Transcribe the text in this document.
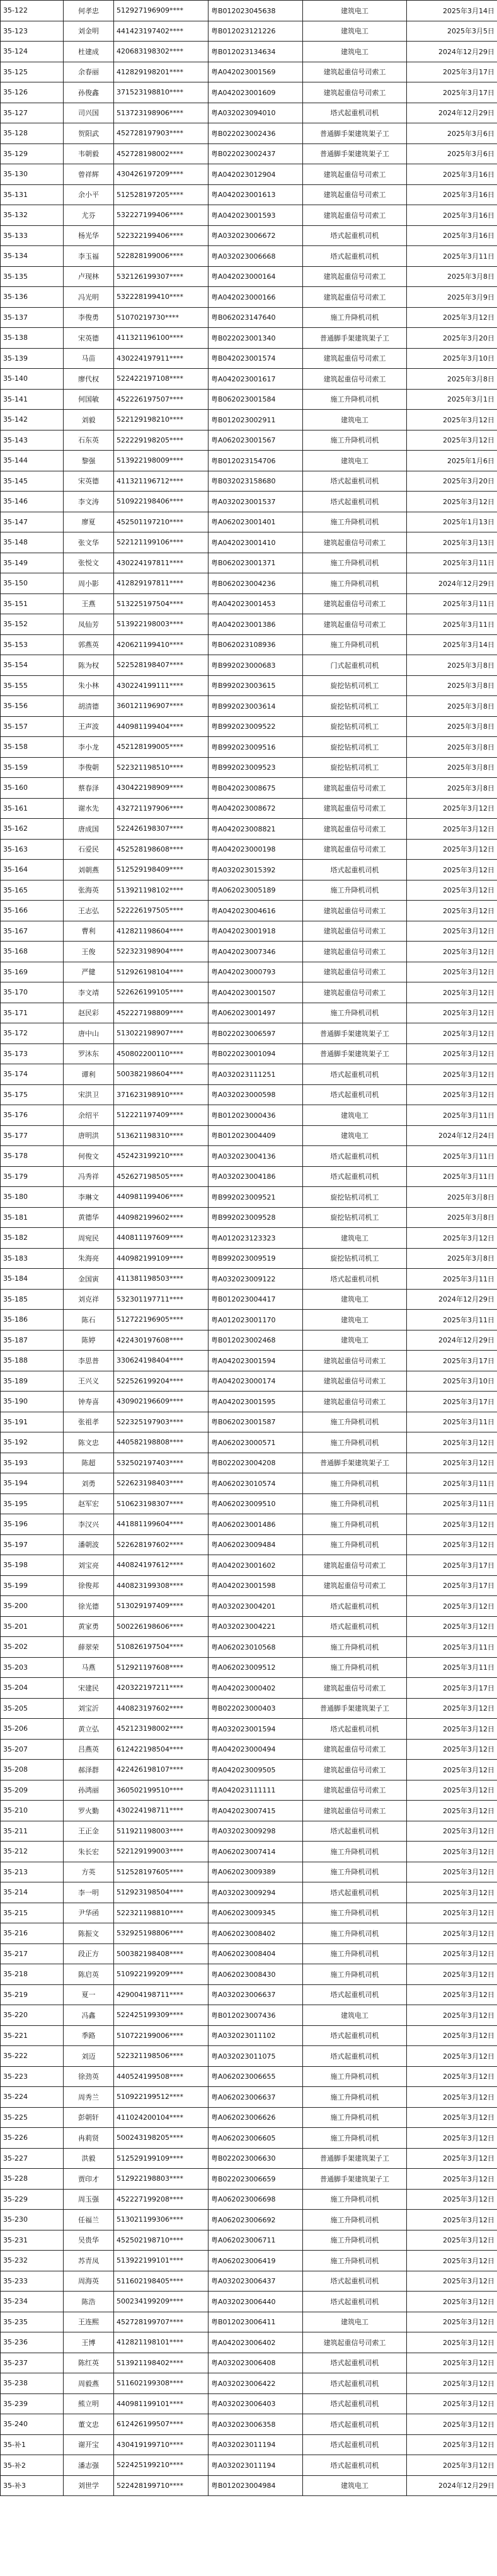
35-122	何孝忠	512927196909****	粤B012023045638	建筑电工	2025年3月14日
35-123	刘金明	441423197402****	粤B012023121226	建筑电工	2025年3月5日
35-124	杜建成	420683198302****	粤B012023134634	建筑电工	2024年12月29日
35-125	余春丽	412829198201****	粤A042023001569	建筑起重信号司索工	2025年3月17日
35-126	孙俊鑫	371523198810****	粤A042023001609	建筑起重信号司索工	2025年3月17日
35-127	司兴国	513723198906****	粤A032023094010	塔式起重机司机	2024年12月29日
35-128	贺阳武	452728197903****	粤B022023002436	普通脚手架建筑架子工	2025年3月6日
35-129	韦朝毅	452728198002****	粤B022023002437	普通脚手架建筑架子工	2025年3月6日
35-130	曾祥辉	430426197209****	粤A042023012904	建筑起重信号司索工	2025年3月16日
35-131	余小平	512528197205****	粤A042023001613	建筑起重信号司索工	2025年3月16日
35-132	尤芬	532227199406****	粤A042023001593	建筑起重信号司索工	2025年3月16日
35-133	杨光华	522322199406****	粤A032023006672	塔式起重机司机	2025年3月16日
35-134	李玉福	522828199006****	粤A032023006668	塔式起重机司机	2025年3月11日
35-135	卢现林	532126199307****	粤A042023000164	建筑起重信号司索工	2025年3月8日
35-136	冯光明	532228199410****	粤A042023000166	建筑起重信号司索工	2025年3月9日
35-137	李俊勇	51070219730****	粤B062023147640	施工升降机司机	2025年3月12日
35-138	宋英德	411321196100****	粤B022023001340	普通脚手架建筑架子工	2025年3月20日
35-139	马苗	430224197911****	粤B042023001574	建筑起重信号司索工	2025年3月10日
35-140	廖代权	522422197108****	粤A042023001617	建筑起重信号司索工	2025年3月8日
35-141	何国敏	452226197507****	粤B062023001584	施工升降机司机	2025年3月1日
35-142	刘毅	522129198210****	粤B012023002911	建筑电工	2025年3月12日
35-143	石东英	522229198205****	粤A062023001567	施工升降机司机	2025年3月12日
35-144	黎强	513922198009****	粤B012023154706	建筑电工	2025年1月6日
35-145	宋英德	411321196712****	粤B032023158680	塔式起重机司机	2025年3月20日
35-146	李文涛	510922198406****	粤A032023001537	塔式起重机司机	2025年3月12日
35-147	廖夏	452501197210****	粤A062023001401	施工升降机司机	2025年1月13日
35-148	张文华	522121199106****	粤A042023001410	建筑起重信号司索工	2025年3月13日
35-149	张悦文	430224197811****	粤B062023001371	施工升降机司机	2025年3月11日
35-150	周小影	412829197811****	粤B062023004236	施工升降机司机	2024年12月29日
35-151	王燕	513225197504****	粤A042023001453	建筑起重信号司索工	2025年3月11日
35-152	凤仙芳	513922198003****	粤A042023001386	建筑起重信号司索工	2025年3月11日
35-153	郭燕英	420621199410****	粤B062023108936	施工升降机司机	2025年3月14日
35-154	陈为权	522528198407****	粤B992023000683	门式起重机司机	2025年3月8日
35-155	朱小林	430224199111****	粤B992023003615	旋挖钻机司机工	2025年3月8日
35-156	胡清德	360121196907****	粤B992023003614	旋挖钻机司机工	2025年3月8日
35-157	王声波	440981199404****	粤B992023009522	旋挖钻机司机工	2025年3月8日
35-158	李小龙	452128199005****	粤B992023009516	旋挖钻机司机工	2025年3月8日
35-159	李俊朝	522321198510****	粤B992023009523	旋挖钻机司机工	2025年3月8日
35-160	蔡春泽	430422198909****	粤B042023008675	建筑起重信号司索工	2025年3月8日
35-161	谢水先	432721197906****	粤A042023008672	建筑起重信号司索工	2025年3月12日
35-162	唐成国	522426198307****	粤A042023008821	建筑起重信号司索工	2025年3月12日
35-163	石爱民	452528198608****	粤A042023000198	建筑起重信号司索工	2025年3月12日
35-164	刘朝燕	512529198409****	粤A032023015392	塔式起重机司机	2025年3月12日
35-165	张海英	513921198102****	粤A062023005189	施工升降机司机	2025年3月12日
35-166	王志弘	522226197505****	粤A042023004616	建筑起重信号司索工	2025年3月12日
35-167	曹利	412821198604****	粤A042023001918	建筑起重信号司索工	2025年3月12日
35-168	王俊	522323198904****	粤A042023007346	建筑起重信号司索工	2025年3月12日
35-169	严健	512926198104****	粤A042023000793	建筑起重信号司索工	2025年3月12日
35-170	李文靖	522626199105****	粤A042023001507	建筑起重信号司索工	2025年3月12日
35-171	赵民彩	452227198809****	粤A062023001497	施工升降机司机	2025年3月12日
35-172	唐中山	513022198907****	粤B022023006597	普通脚手架建筑架子工	2025年3月12日
35-173	罗沐东	450802200110****	粤B022023001094	普通脚手架建筑架子工	2025年3月12日
35-174	谭利	500382198604****	粤A032023111251	塔式起重机司机	2025年3月12日
35-175	宋洪卫	371623198910****	粤A032023000598	塔式起重机司机	2025年3月12日
35-176	余绍平	512221197409****	粤B012023000436	建筑电工	2025年3月11日
35-177	唐明洪	513621198310****	粤B012023004409	建筑电工	2024年12月24日
35-178	何俊文	452423199210****	粤A032023004136	塔式起重机司机	2025年3月11日
35-179	冯秀祥	452627198505****	粤A032023004186	塔式起重机司机	2025年3月11日
35-180	李琳文	440981199406****	粤B992023009521	旋挖钻机司机工	2025年3月8日
35-181	黄德华	440982199602****	粤B992023009528	旋挖钻机司机工	2025年3月8日
35-182	周宛民	440811197609****	粤A012023123323	建筑电工	2025年3月12日
35-183	朱海亮	440982199109****	粤B992023009519	旋挖钻机司机工	2025年3月8日
35-184	金国寅	411381198503****	粤A032023009122	塔式起重机司机	2025年3月11日
35-185	刘克祥	532301197711****	粤B012023004417	建筑电工	2024年12月29日
35-186	陈石	512722196905****	粤A012023001170	建筑电工	2025年3月11日
35-187	陈婷	422430197608****	粤B012023002468	建筑电工	2024年12月29日
35-188	李思普	330624198404****	粤A042023001594	建筑起重信号司索工	2025年3月17日
35-189	王兴义	522526199204****	粤A042023000174	建筑起重信号司索工	2025年3月10日
35-190	钟寿喜	430902196609****	粤A042023001595	建筑起重信号司索工	2025年3月17日
35-191	张祖孝	522325197903****	粤B062023001587	施工升降机司机	2025年3月11日
35-192	陈文忠	440582198808****	粤A062023000571	施工升降机司机	2025年3月12日
35-193	陈超	532502197403****	粤B022023004208	普通脚手架建筑架子工	2025年3月12日
35-194	刘勇	522623198403****	粤A062023010574	施工升降机司机	2025年3月11日
35-195	赵军宏	510623198307****	粤A062023009510	施工升降机司机	2025年3月11日
35-196	李汉兴	441881199604****	粤A062023001486	施工升降机司机	2025年3月12日
35-197	潘朝波	522628197602****	粤A062023009484	施工升降机司机	2025年3月12日
35-198	刘宝亮	440824197612****	粤A042023001602	建筑起重信号司索工	2025年3月17日
35-199	徐俊邦	440823199308****	粤A042023001598	建筑起重信号司索工	2025年3月17日
35-200	徐光德	513029197409****	粤A032023004201	塔式起重机司机	2025年3月12日
35-201	黄家勇	500226198606****	粤A032023004221	塔式起重机司机	2025年3月12日
35-202	薛翠荣	510826197504****	粤A062023010568	施工升降机司机	2025年3月11日
35-203	马燕	512921197608****	粤A062023009512	施工升降机司机	2025年3月11日
35-204	宋建民	420322197211****	粤A042023000402	建筑起重信号司索工	2025年3月17日
35-205	刘宝沂	440823197602****	粤B022023000403	普通脚手架建筑架子工	2025年3月12日
35-206	黄立弘	452123198002****	粤A032023001594	塔式起重机司机	2025年3月12日
35-207	吕燕英	612422198504****	粤A042023000494	建筑起重信号司索工	2025年3月12日
35-208	郝泽群	422426198107****	粤A042023009505	建筑起重信号司索工	2025年3月12日
35-209	孙鸿丽	360502199510****	粤A042023111111	建筑起重信号司索工	2025年3月12日
35-210	罗火勤	430224198711****	粤A042023007415	建筑起重信号司索工	2025年3月12日
35-211	王正金	511921198003****	粤A032023009298	塔式起重机司机	2025年3月12日
35-212	朱长宏	522129199003****	粤A062023007414	施工升降机司机	2025年3月12日
35-213	方英	512528197605****	粤A062023009389	施工升降机司机	2025年3月12日
35-214	李一明	512923198504****	粤A032023009294	塔式起重机司机	2025年3月12日
35-215	尹华函	522321198810****	粤A062023009345	施工升降机司机	2025年3月12日
35-216	陈振文	532925198806****	粤A062023008402	施工升降机司机	2025年3月12日
35-217	段正方	500382198408****	粤A062023008404	施工升降机司机	2025年3月12日
35-218	陈启英	510922199209****	粤A062023008430	施工升降机司机	2025年3月12日
35-219	夏一	429004198711****	粤A032023006637	塔式起重机司机	2025年3月12日
35-220	冯鑫	522425199309****	粤B012023007436	建筑电工	2025年3月12日
35-221	季路	510722199006****	粤A032023011102	塔式起重机司机	2025年3月12日
35-222	刘迈	522321198506****	粤A032023011075	塔式起重机司机	2025年3月12日
35-223	徐劲英	440524199508****	粤A062023006655	施工升降机司机	2025年3月12日
35-224	周秀兰	510922199512****	粤A062023006637	施工升降机司机	2025年3月12日
35-225	彭朝轩	411024200104****	粤A062023006626	施工升降机司机	2025年3月12日
35-226	冉莉贤	500243198205****	粤A062023006605	施工升降机司机	2025年3月12日
35-227	洪毅	512529199109****	粤B022023006630	普通脚手架建筑架子工	2025年3月12日
35-228	贾印才	512922198803****	粤B022023006659	普通脚手架建筑架子工	2025年3月12日
35-229	周玉强	452227199208****	粤A062023006698	施工升降机司机	2025年3月12日
35-230	任福兰	513021199306****	粤A062023006692	施工升降机司机	2025年3月12日
35-231	吴贵华	452502198710****	粤A062023006711	施工升降机司机	2025年3月12日
35-232	苏青凤	513922199101****	粤A062023006419	施工升降机司机	2025年3月12日
35-233	周海英	511602198405****	粤A032023006437	塔式起重机司机	2025年3月12日
35-234	陈浩	500234199209****	粤A032023006440	塔式起重机司机	2025年3月12日
35-235	王连熙	452728199707****	粤B012023006411	建筑电工	2025年3月12日
35-236	王博	412821198101****	粤A042023006402	建筑起重信号司索工	2025年3月12日
35-237	陈红英	513921198402****	粤A032023006408	塔式起重机司机	2025年3月12日
35-238	周毅燕	511602199308****	粤A032023006422	塔式起重机司机	2025年3月12日
35-239	熊立明	440981199101****	粤A032023006403	塔式起重机司机	2025年3月12日
35-240	董文忠	612426199507****	粤A032023006358	塔式起重机司机	2025年3月12日
35-补1	谢开宝	430419199710****	粤A032023011194	塔式起重机司机	2025年3月12日
35-补2	潘志强	522425199210****	粤A032023011194	塔式起重机司机	2025年3月12日
35-补3	刘世学	522428199710****	粤B012023004984	建筑电工	2024年12月29日
